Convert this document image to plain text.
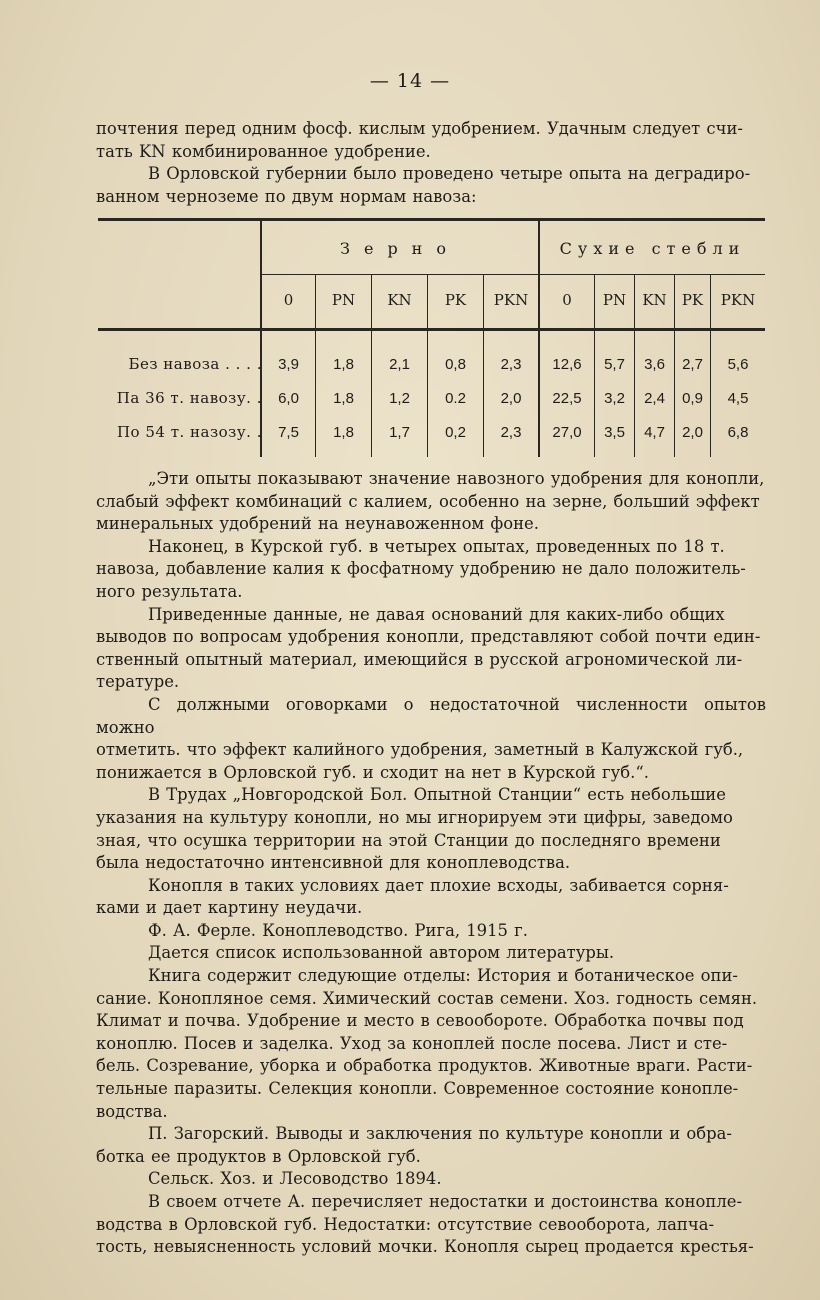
— 14 —

почтения перед одним фосф. кислым удобрением. Удачным следует счи-

тать KN комбинированное удобрение.

В Орловской губернии было проведено четыре опыта на деградиро-

ванном черноземе по двум нормам навоза:

Зерно	Сухие стебли
0	PN	KN	PK	PKN	0	PN	KN	PK	PKN
Без навоза . . . .	3,9	1,8	2,1	0,8	2,3	12,6	5,7	3,6	2,7	5,6
Па 36 т. навозу. .	6,0	1,8	1,2	0.2	2,0	22,5	3,2	2,4	0,9	4,5
По 54 т. назозу. .	7,5	1,8	1,7	0,2	2,3	27,0	3,5	4,7	2,0	6,8

„Эти опыты показывают значение навозного удобрения для конопли,

слабый эффект комбинаций с калием, особенно на зерне, больший эффект

минеральных удобрений на неунавоженном фоне.

Наконец, в Курской губ. в четырех опытах, проведенных по 18 т.

навоза, добавление калия к фосфатному удобрению не дало положитель-

ного результата.

Приведенные данные, не давая оснований для каких-либо общих

выводов по вопросам удобрения конопли, представляют собой почти един-

ственный опытный материал, имеющийся в русской агрономической ли-

тературе.

С должными оговорками о недостаточной численности опытов можно

отметить. что эффект калийного удобрения, заметный в Калужской губ.,

понижается в Орловской губ. и сходит на нет в Курской губ.“.

В Трудах „Новгородской Бол. Опытной Станции“ есть небольшие

указания на культуру конопли, но мы игнорируем эти цифры, заведомо

зная, что осушка территории на этой Станции до последняго времени

была недостаточно интенсивной для коноплеводства.

Конопля в таких условиях дает плохие всходы, забивается сорня-

ками и дает картину неудачи.

Ф. А. Ферле. Коноплеводство. Рига, 1915 г.

Дается список использованной автором литературы.

Книга содержит следующие отделы: История и ботаническое опи-

сание. Конопляное семя. Химический состав семени. Хоз. годность семян.

Климат и почва. Удобрение и место в севообороте. Обработка почвы под

коноплю. Посев и заделка. Уход за коноплей после посева. Лист и сте-

бель. Созревание, уборка и обработка продуктов. Животные враги. Расти-

тельные паразиты. Селекция конопли. Современное состояние коноплe-

водства.

П. Загорский. Выводы и заключения по культуре конопли и обра-

ботка ее продуктов в Орловской губ.

Сельск. Хоз. и Лесоводство 1894.

В своем отчете А. перечисляет недостатки и достоинства коноплe-

водства в Орловской губ. Недостатки: отсутствие севооборота, лапча-

тость, невыясненность условий мочки. Конопля сырец продается крестья-
